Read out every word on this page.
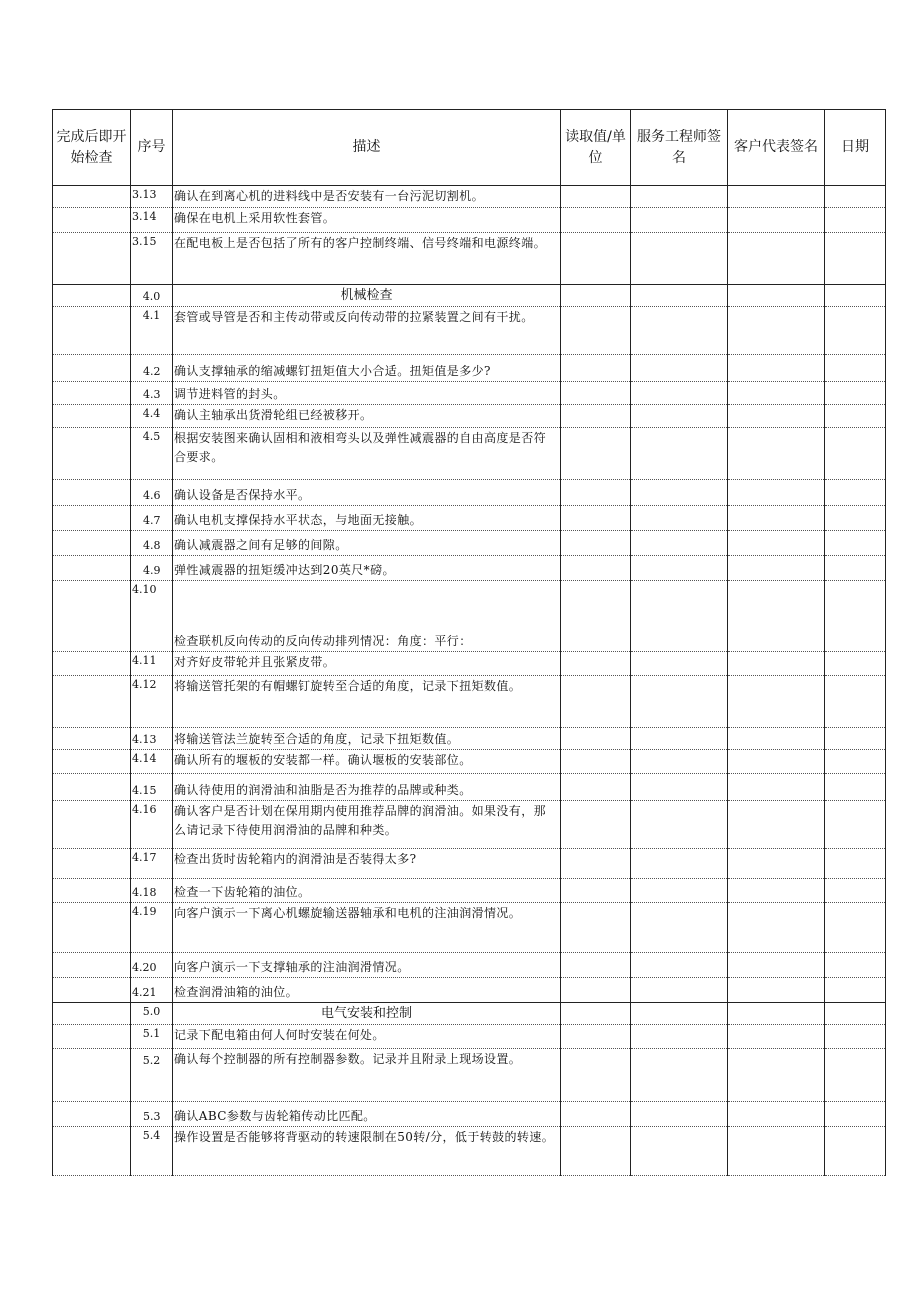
完成后即开始检查	序号	描述	读取值/单位	服务工程师签名	客户代表签名	日期
	3.13	确认在到离心机的进料线中是否安装有一台污泥切割机。				
	3.14	确保在电机上采用软性套管。				
	3.15	在配电板上是否包括了所有的客户控制终端、信号终端和电源终端。				
	4.0	机械检查				
	4.1	套管或导管是否和主传动带或反向传动带的拉紧装置之间有干扰。				
	4.2	确认支撑轴承的缩减螺钉扭矩值大小合适。扭矩值是多少?				
	4.3	调节进料管的封头。				
	4.4	确认主轴承出货滑轮组已经被移开。				
	4.5	根据安装图来确认固相和液相弯头以及弹性减震器的自由高度是否符合要求。				
	4.6	确认设备是否保持水平。				
	4.7	确认电机支撑保持水平状态，与地面无接触。				
	4.8	确认减震器之间有足够的间隙。				
	4.9	弹性减震器的扭矩缓冲达到20英尺*磅。				
	4.10	检查联机反向传动的反向传动排列情况：角度：平行：				
	4.11	对齐好皮带轮并且张紧皮带。				
	4.12	将输送管托架的有帽螺钉旋转至合适的角度，记录下扭矩数值。				
	4.13	将输送管法兰旋转至合适的角度，记录下扭矩数值。				
	4.14	确认所有的堰板的安装都一样。确认堰板的安装部位。				
	4.15	确认待使用的润滑油和油脂是否为推荐的品牌或种类。				
	4.16	确认客户是否计划在保用期内使用推荐品牌的润滑油。如果没有，那么请记录下待使用润滑油的品牌和种类。				
	4.17	检查出货时齿轮箱内的润滑油是否装得太多?				
	4.18	检查一下齿轮箱的油位。				
	4.19	向客户演示一下离心机螺旋输送器轴承和电机的注油润滑情况。				
	4.20	向客户演示一下支撑轴承的注油润滑情况。				
	4.21	检查润滑油箱的油位。				
	5.0	电气安装和控制				
	5.1	记录下配电箱由何人何时安装在何处。				
	5.2	确认每个控制器的所有控制器参数。记录并且附录上现场设置。				
	5.3	确认ABC参数与齿轮箱传动比匹配。				
	5.4	操作设置是否能够将背驱动的转速限制在50转/分，低于转鼓的转速。				
